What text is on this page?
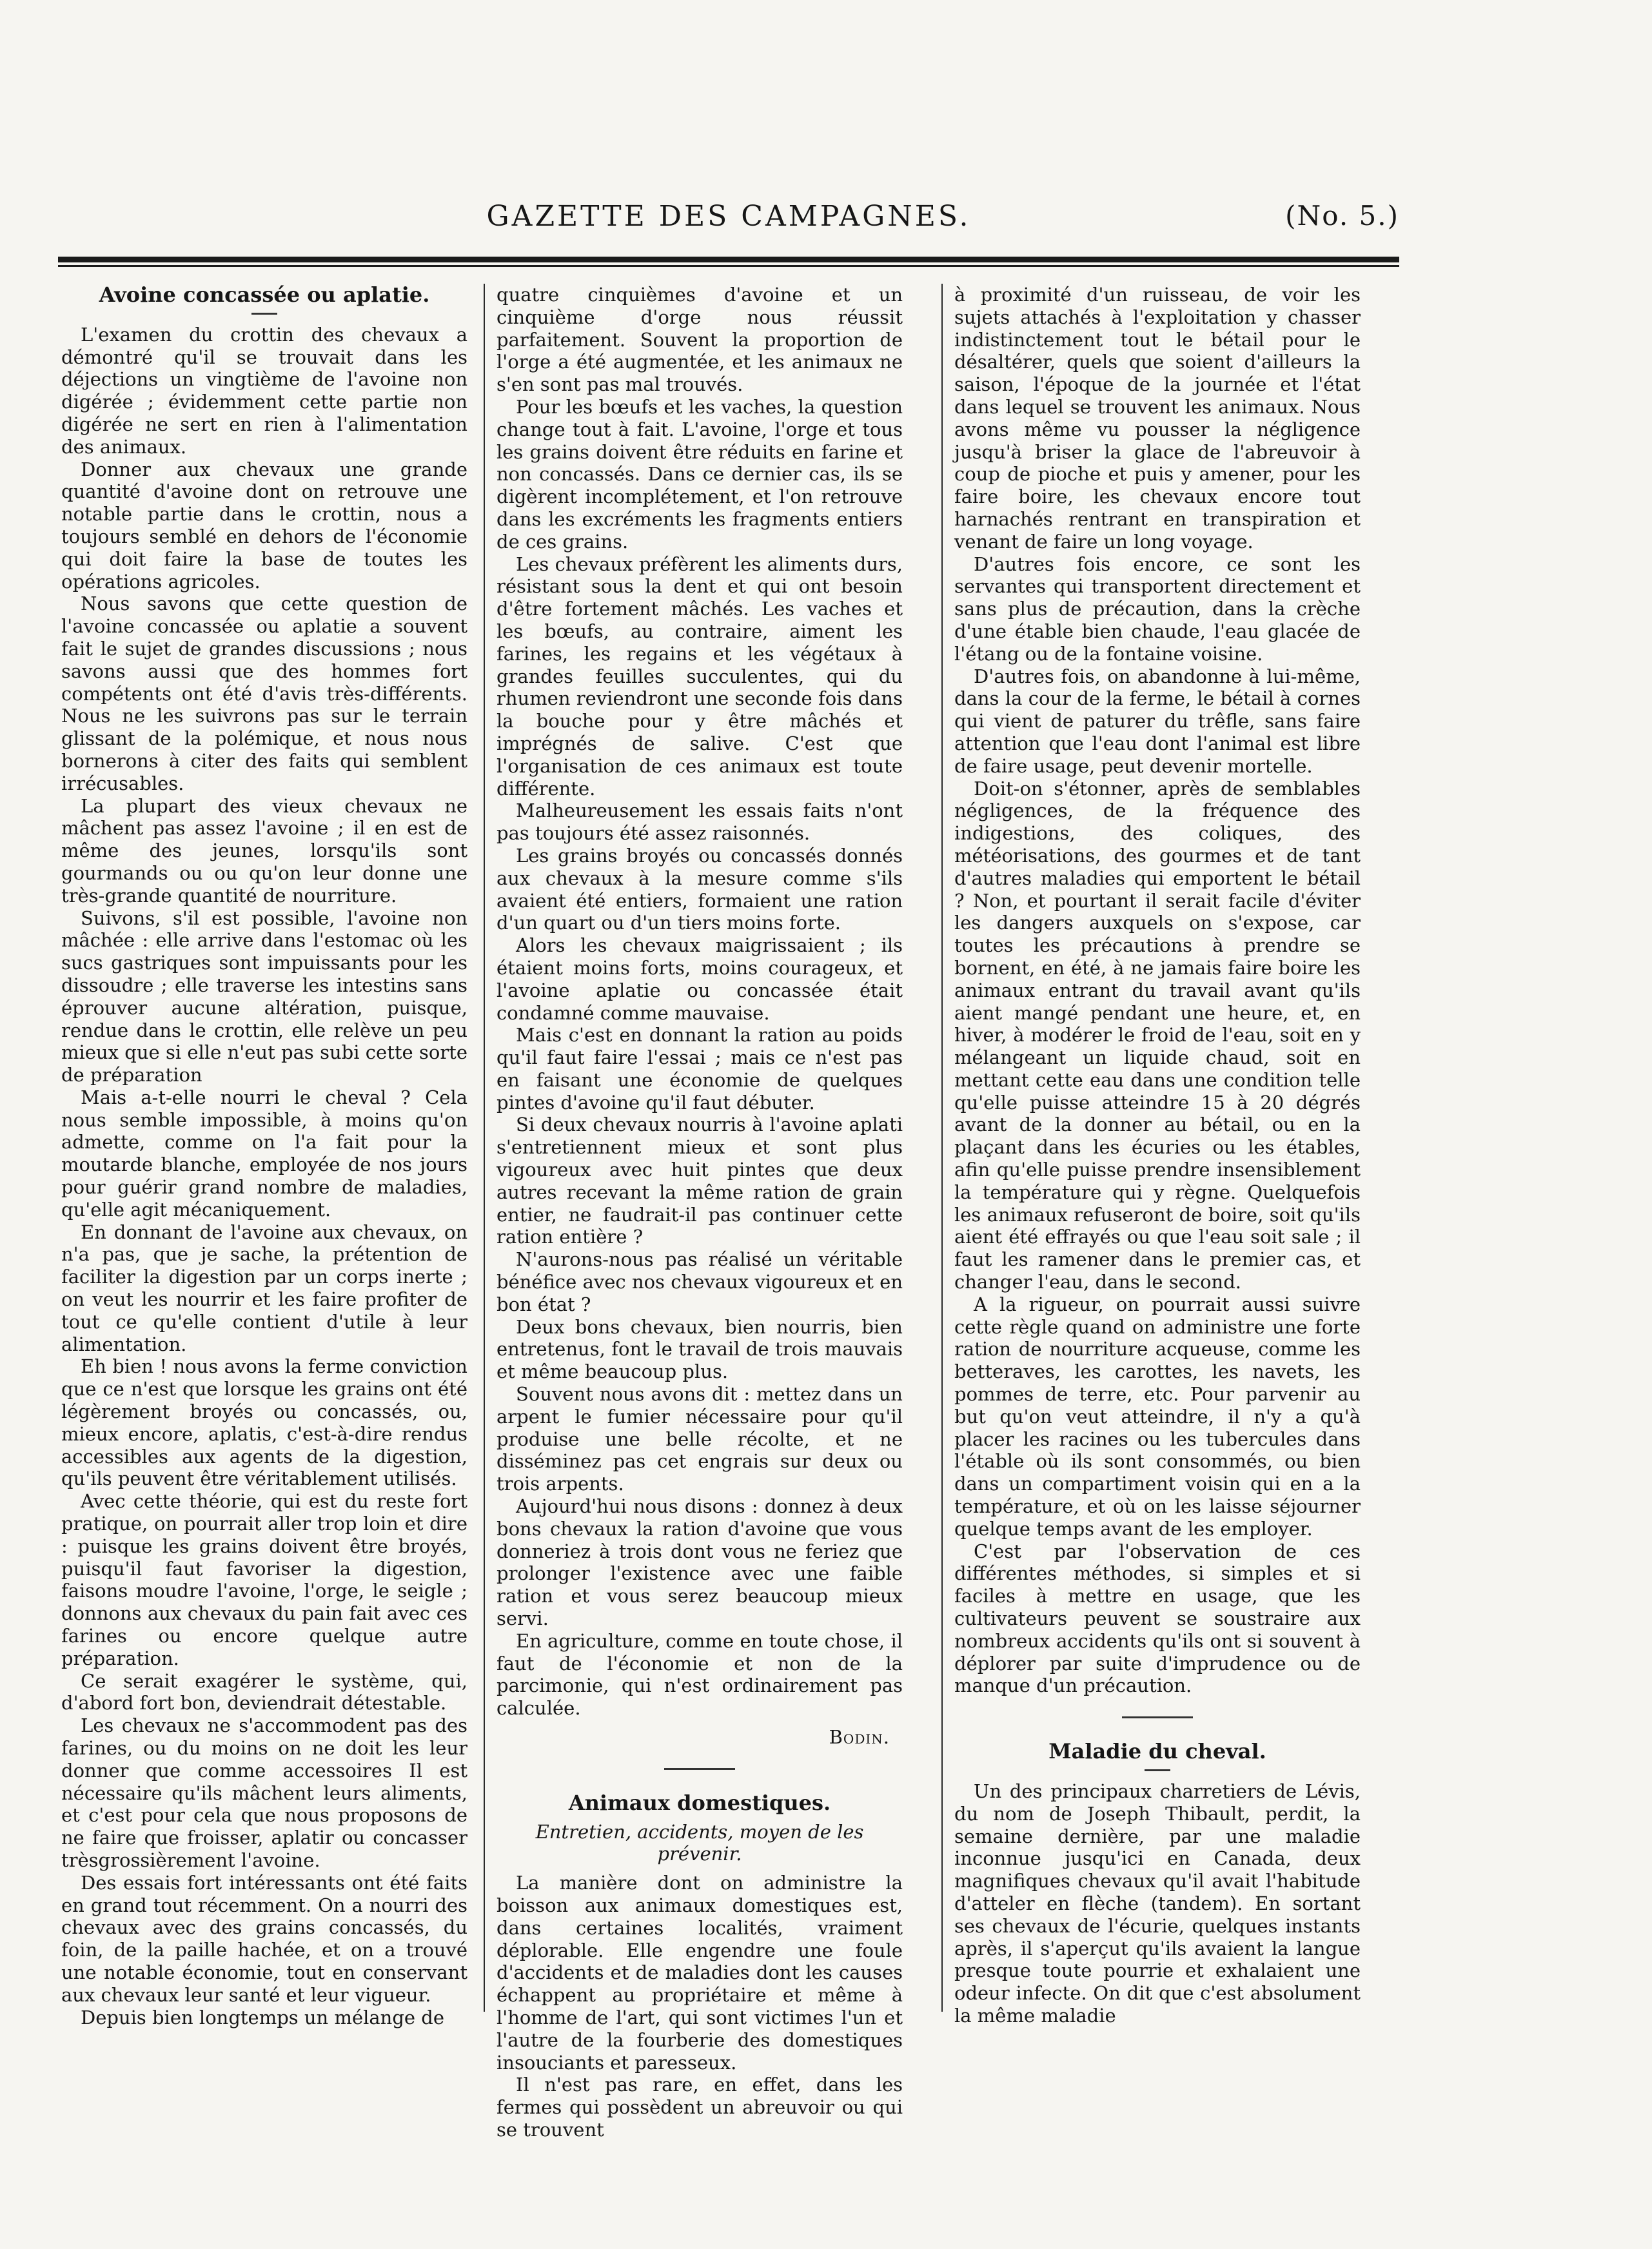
GAZETTE DES CAMPAGNES.	(No. 5.)
Avoine concassée ou aplatie.

L'examen du crottin des chevaux a démontré qu'il se trouvait dans les déjections un vingtième de l'avoine non digérée ; évidemment cette partie non digérée ne sert en rien à l'alimentation des animaux.

Donner aux chevaux une grande quantité d'avoine dont on retrouve une notable partie dans le crottin, nous a toujours semblé en dehors de l'économie qui doit faire la base de toutes les opérations agricoles.

Nous savons que cette question de l'avoine concassée ou aplatie a souvent fait le sujet de grandes discussions ; nous savons aussi que des hommes fort compétents ont été d'avis très-différents. Nous ne les suivrons pas sur le terrain glissant de la polémique, et nous nous bornerons à citer des faits qui semblent irrécusables.

La plupart des vieux chevaux ne mâchent pas assez l'avoine ; il en est de même des jeunes, lorsqu'ils sont gourmands ou ou qu'on leur donne une très-grande quantité de nourriture.

Suivons, s'il est possible, l'avoine non mâchée : elle arrive dans l'estomac où les sucs gastriques sont impuissants pour les dissoudre ; elle traverse les intestins sans éprouver aucune altération, puisque, rendue dans le crottin, elle relève un peu mieux que si elle n'eut pas subi cette sorte de préparation

Mais a-t-elle nourri le cheval ? Cela nous semble impossible, à moins qu'on admette, comme on l'a fait pour la moutarde blanche, employée de nos jours pour guérir grand nombre de maladies, qu'elle agit mécaniquement.

En donnant de l'avoine aux chevaux, on n'a pas, que je sache, la prétention de faciliter la digestion par un corps inerte ; on veut les nourrir et les faire profiter de tout ce qu'elle contient d'utile à leur alimentation.

Eh bien ! nous avons la ferme conviction que ce n'est que lorsque les grains ont été légèrement broyés ou concassés, ou, mieux encore, aplatis, c'est-à-dire rendus accessibles aux agents de la digestion, qu'ils peuvent être véritablement utilisés.

Avec cette théorie, qui est du reste fort pratique, on pourrait aller trop loin et dire : puisque les grains doivent être broyés, puisqu'il faut favoriser la digestion, faisons moudre l'avoine, l'orge, le seigle ; donnons aux chevaux du pain fait avec ces farines ou encore quelque autre préparation.

Ce serait exagérer le système, qui, d'abord fort bon, deviendrait détestable.

Les chevaux ne s'accommodent pas des farines, ou du moins on ne doit les leur donner que comme accessoires Il est nécessaire qu'ils mâchent leurs aliments, et c'est pour cela que nous proposons de ne faire que froisser, aplatir ou concasser trèsgrossièrement l'avoine.

Des essais fort intéressants ont été faits en grand tout récemment. On a nourri des chevaux avec des grains concassés, du foin, de la paille hachée, et on a trouvé une notable économie, tout en conservant aux chevaux leur santé et leur vigueur.

Depuis bien longtemps un mélange de

quatre cinquièmes d'avoine et un cinquième d'orge nous réussit parfaitement. Souvent la proportion de l'orge a été augmentée, et les animaux ne s'en sont pas mal trouvés.

Pour les bœufs et les vaches, la question change tout à fait. L'avoine, l'orge et tous les grains doivent être réduits en farine et non concassés. Dans ce dernier cas, ils se digèrent incomplétement, et l'on retrouve dans les excréments les fragments entiers de ces grains.

Les chevaux préfèrent les aliments durs, résistant sous la dent et qui ont besoin d'être fortement mâchés. Les vaches et les bœufs, au contraire, aiment les farines, les regains et les végétaux à grandes feuilles succulentes, qui du rhumen reviendront une seconde fois dans la bouche pour y être mâchés et imprégnés de salive. C'est que l'organisation de ces animaux est toute différente.

Malheureusement les essais faits n'ont pas toujours été assez raisonnés.

Les grains broyés ou concassés donnés aux chevaux à la mesure comme s'ils avaient été entiers, formaient une ration d'un quart ou d'un tiers moins forte.

Alors les chevaux maigrissaient ; ils étaient moins forts, moins courageux, et l'avoine aplatie ou concassée était condamné comme mauvaise.

Mais c'est en donnant la ration au poids qu'il faut faire l'essai ; mais ce n'est pas en faisant une économie de quelques pintes d'avoine qu'il faut débuter.

Si deux chevaux nourris à l'avoine aplati s'entretiennent mieux et sont plus vigoureux avec huit pintes que deux autres recevant la même ration de grain entier, ne faudrait-il pas continuer cette ration entière ?

N'aurons-nous pas réalisé un véritable bénéfice avec nos chevaux vigoureux et en bon état ?

Deux bons chevaux, bien nourris, bien entretenus, font le travail de trois mauvais et même beaucoup plus.

Souvent nous avons dit : mettez dans un arpent le fumier nécessaire pour qu'il produise une belle récolte, et ne disséminez pas cet engrais sur deux ou trois arpents.

Aujourd'hui nous disons : donnez à deux bons chevaux la ration d'avoine que vous donneriez à trois dont vous ne feriez que prolonger l'existence avec une faible ration et vous serez beaucoup mieux servi.

En agriculture, comme en toute chose, il faut de l'économie et non de la parcimonie, qui n'est ordinairement pas calculée.

Bodin.
Animaux domestiques.
Entretien, accidents, moyen de les prévenir.

La manière dont on administre la boisson aux animaux domestiques est, dans certaines localités, vraiment déplorable. Elle engendre une foule d'accidents et de maladies dont les causes échappent au propriétaire et même à l'homme de l'art, qui sont victimes l'un et l'autre de la fourberie des domestiques insouciants et paresseux.

Il n'est pas rare, en effet, dans les fermes qui possèdent un abreuvoir ou qui se trouvent

à proximité d'un ruisseau, de voir les sujets attachés à l'exploitation y chasser indistinctement tout le bétail pour le désaltérer, quels que soient d'ailleurs la saison, l'époque de la journée et l'état dans lequel se trouvent les animaux. Nous avons même vu pousser la négligence jusqu'à briser la glace de l'abreuvoir à coup de pioche et puis y amener, pour les faire boire, les chevaux encore tout harnachés rentrant en transpiration et venant de faire un long voyage.

D'autres fois encore, ce sont les servantes qui transportent directement et sans plus de précaution, dans la crèche d'une étable bien chaude, l'eau glacée de l'étang ou de la fontaine voisine.

D'autres fois, on abandonne à lui-même, dans la cour de la ferme, le bétail à cornes qui vient de paturer du trêfle, sans faire attention que l'eau dont l'animal est libre de faire usage, peut devenir mortelle.

Doit-on s'étonner, après de semblables négligences, de la fréquence des indigestions, des coliques, des météorisations, des gourmes et de tant d'autres maladies qui emportent le bétail ? Non, et pourtant il serait facile d'éviter les dangers auxquels on s'expose, car toutes les précautions à prendre se bornent, en été, à ne jamais faire boire les animaux entrant du travail avant qu'ils aient mangé pendant une heure, et, en hiver, à modérer le froid de l'eau, soit en y mélangeant un liquide chaud, soit en mettant cette eau dans une condition telle qu'elle puisse atteindre 15 à 20 dégrés avant de la donner au bétail, ou en la plaçant dans les écuries ou les étables, afin qu'elle puisse prendre insensiblement la température qui y règne. Quelquefois les animaux refuseront de boire, soit qu'ils aient été effrayés ou que l'eau soit sale ; il faut les ramener dans le premier cas, et changer l'eau, dans le second.

A la rigueur, on pourrait aussi suivre cette règle quand on administre une forte ration de nourriture acqueuse, comme les betteraves, les carottes, les navets, les pommes de terre, etc. Pour parvenir au but qu'on veut atteindre, il n'y a qu'à placer les racines ou les tubercules dans l'étable où ils sont consommés, ou bien dans un compartiment voisin qui en a la température, et où on les laisse séjourner quelque temps avant de les employer.

C'est par l'observation de ces différentes méthodes, si simples et si faciles à mettre en usage, que les cultivateurs peuvent se soustraire aux nombreux accidents qu'ils ont si souvent à déplorer par suite d'imprudence ou de manque d'un précaution.

Maladie du cheval.

Un des principaux charretiers de Lévis, du nom de Joseph Thibault, perdit, la semaine dernière, par une maladie inconnue jusqu'ici en Canada, deux magnifiques chevaux qu'il avait l'habitude d'atteler en flèche (tandem). En sortant ses chevaux de l'écurie, quelques instants après, il s'aperçut qu'ils avaient la langue presque toute pourrie et exhalaient une odeur infecte. On dit que c'est absolument la même maladie
